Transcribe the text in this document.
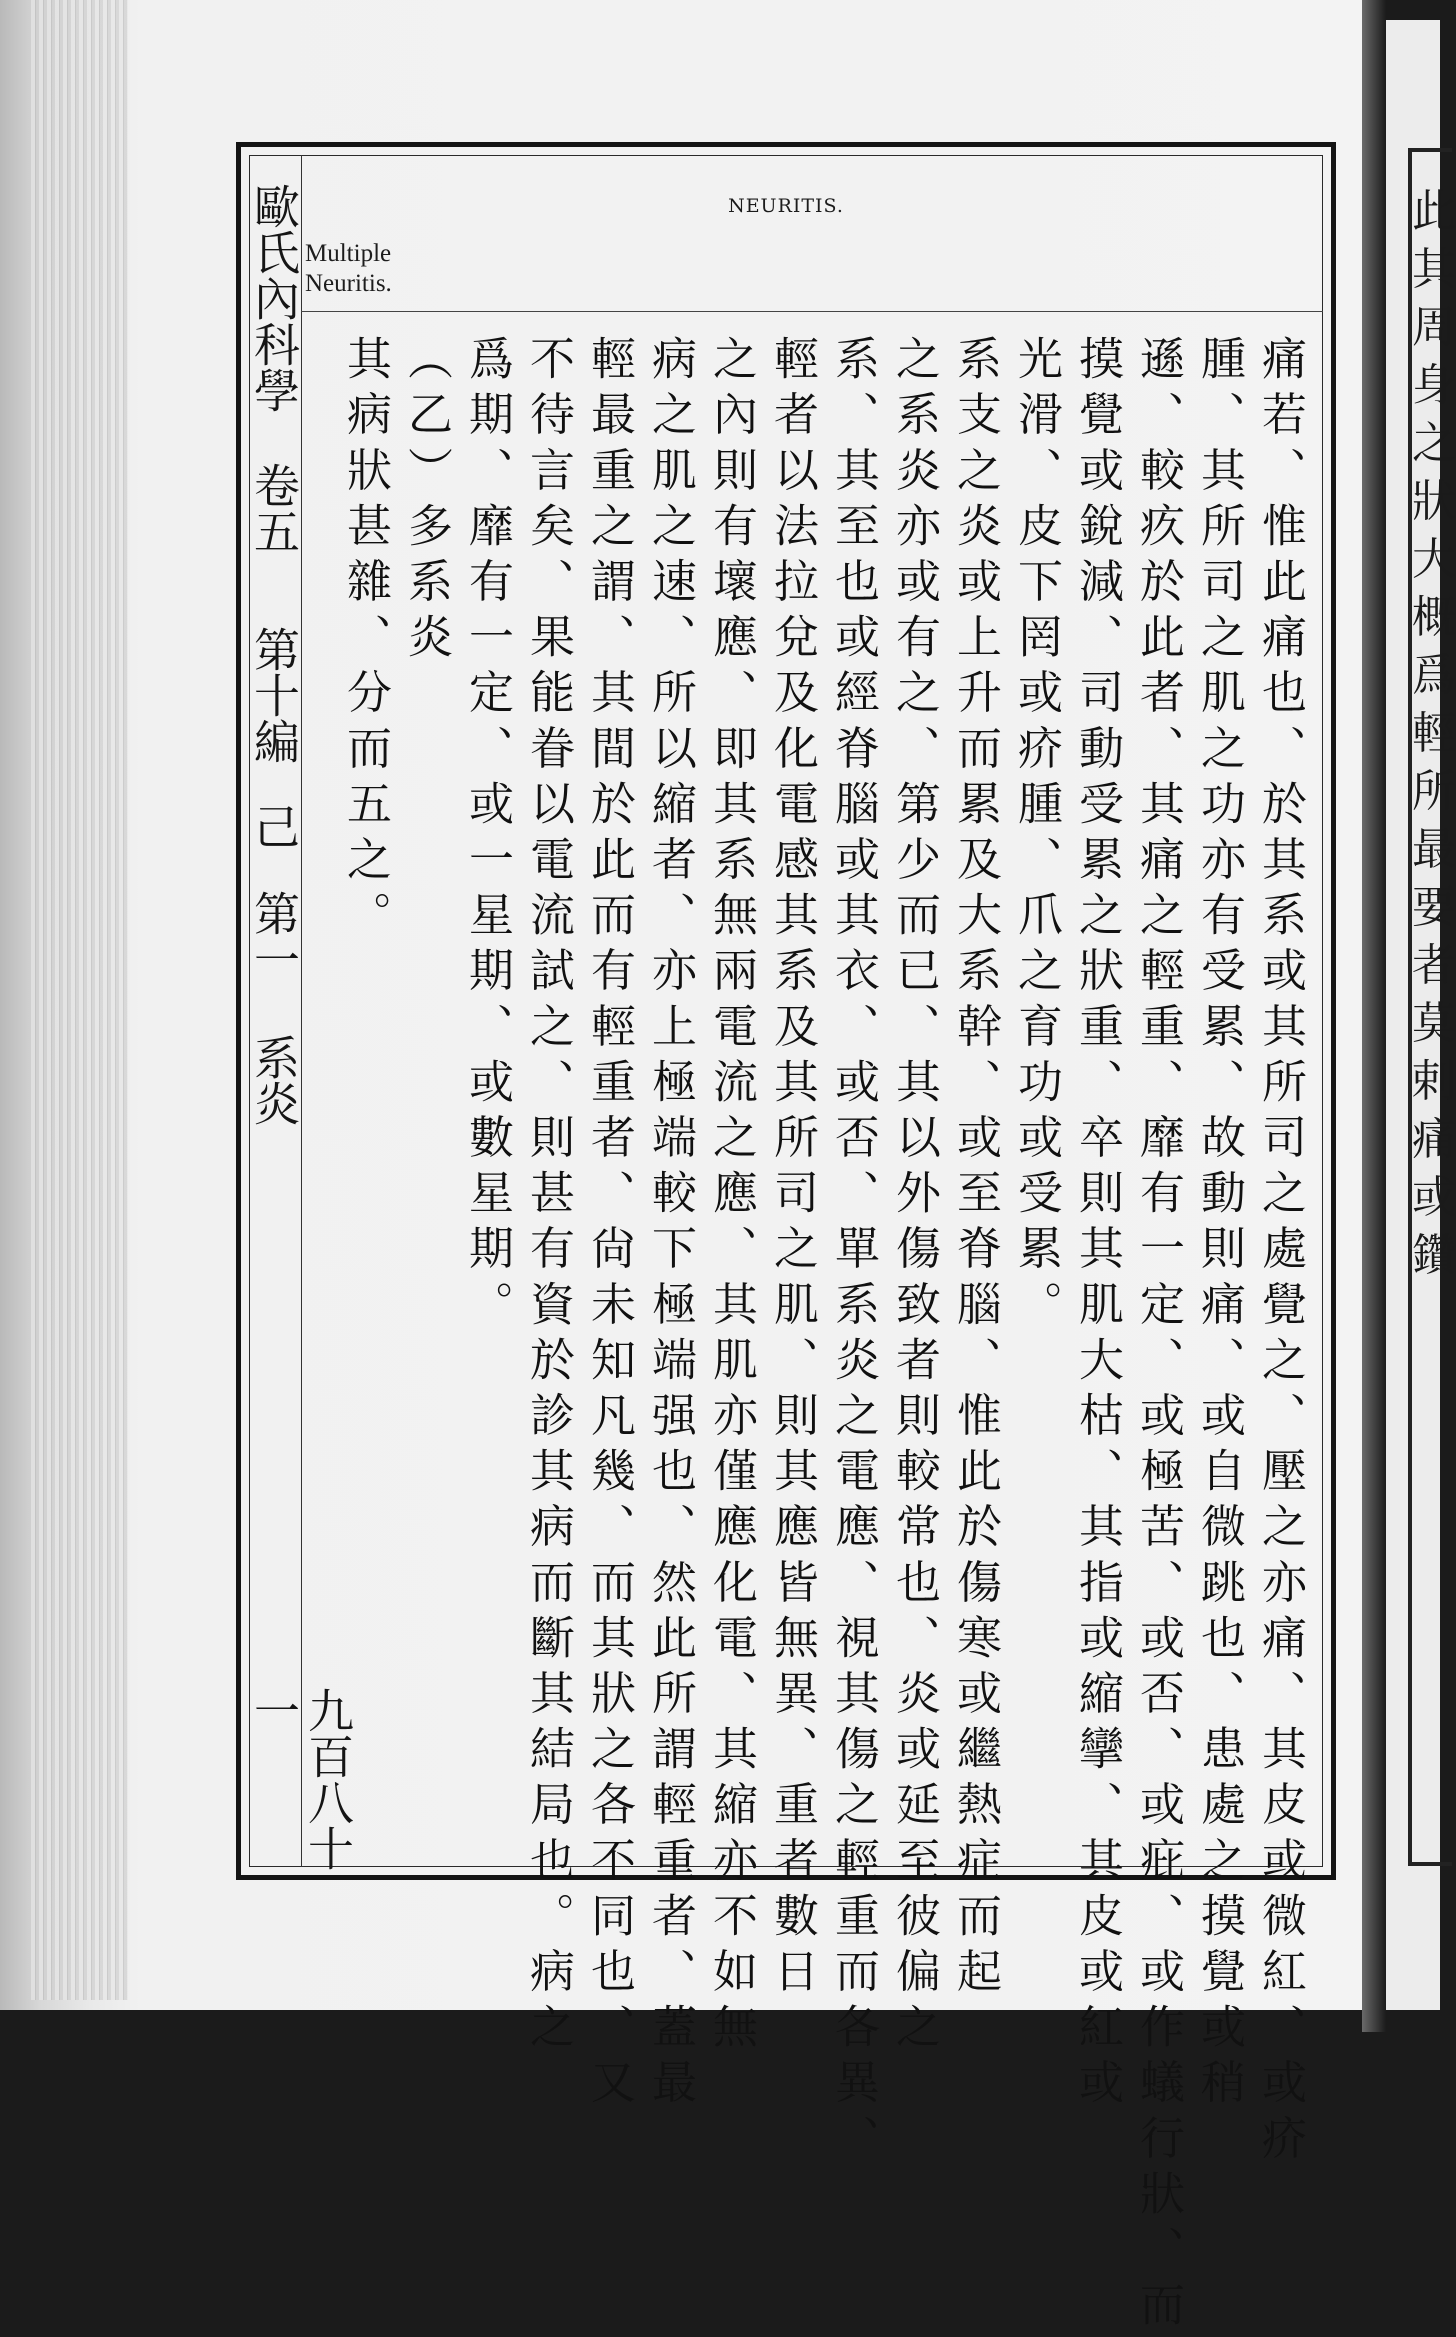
此
其
周
身
之
狀
大
概
爲
輕
所
最
要
者
莫
剌
痛
或
鑽
歐氏內科學 卷五 第十編 己 第一 系炎
九百八十一
NEURITIS.
Multiple
Neuritis.
痛若、惟此痛也、於其系或其所司之處覺之、壓之亦痛、其皮或微紅、或疥
腫、其所司之肌之功亦有受累、故動則痛、或自微跳也、患處之摸覺或稍
遜、較疚於此者、其痛之輕重、靡有一定、或極苦、或否、或疪、或作蟻行狀、而
摸覺或銳減、司動受累之狀重、卒則其肌大枯、其指或縮攣、其皮或紅或
光滑、皮下罔或疥腫、爪之育功或受累。
系支之炎或上升而累及大系幹、或至脊腦、惟此於傷寒或繼熱症而起
之系炎亦或有之、第少而已、其以外傷致者則較常也、炎或延至彼偏之
系、其至也或經脊腦或其衣、或否、單系炎之電應、視其傷之輕重而各異、
輕者以法拉兌及化電感其系及其所司之肌、則其應皆無異、重者數日
之內則有壞應、即其系無兩電流之應、其肌亦僅應化電、其縮亦不如無
病之肌之速、所以縮者、亦上極端較下極端强也、然此所謂輕重者、蓋最
輕最重之謂、其間於此而有輕重者、尙未知凡幾、而其狀之各不同也、又
不待言矣、果能眷以電流試之、則甚有資於診其病而斷其結局也。病之
爲期、靡有一定、或一星期、或數星期。
（乙）多系炎
其病狀甚雜、分而五之。
